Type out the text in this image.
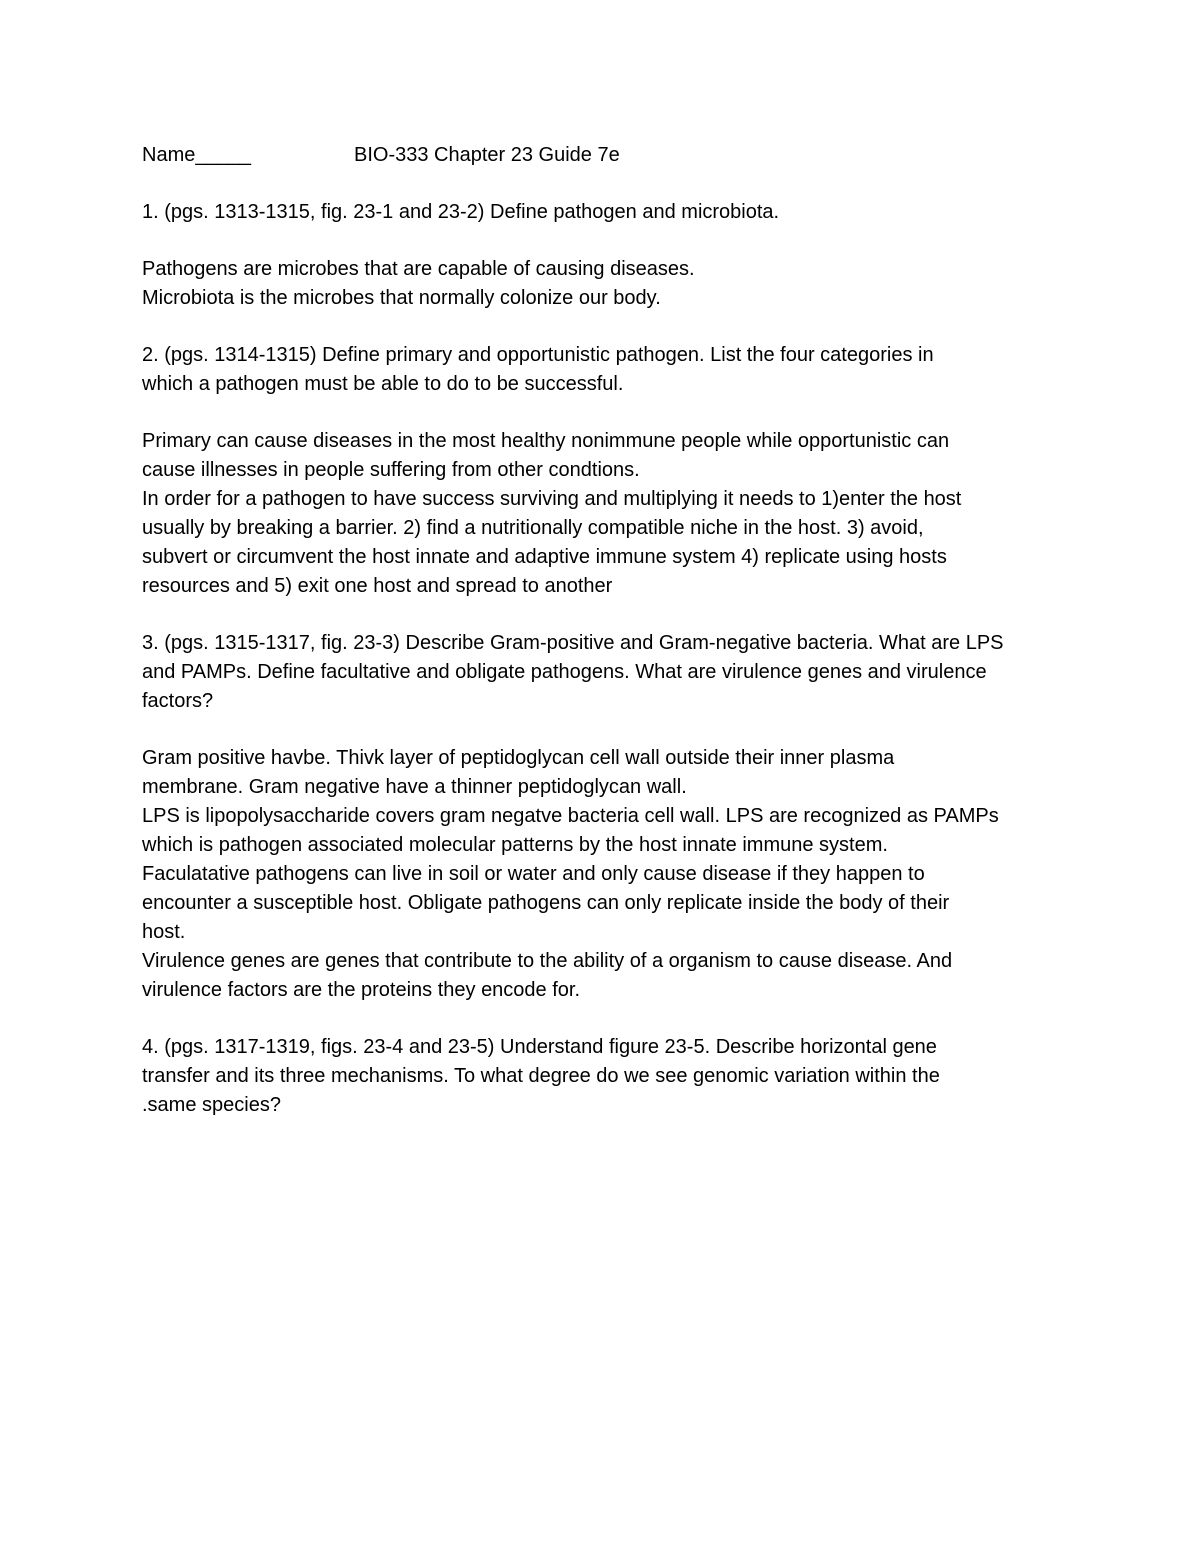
Name_____	BIO-333 Chapter 23 Guide 7e
1. (pgs. 1313-1315, fig. 23-1 and 23-2) Define pathogen and microbiota.
Pathogens are microbes that are capable of causing diseases.
Microbiota is the microbes that normally colonize our body.
2. (pgs. 1314-1315) Define primary and opportunistic pathogen. List the four categories in
which a pathogen must be able to do to be successful.
Primary can cause diseases in the most healthy nonimmune people while opportunistic can
cause illnesses in people suffering from other condtions.
In order for a pathogen to have success surviving and multiplying it needs to 1)enter the host
usually by breaking a barrier. 2) find a nutritionally compatible niche in the host. 3) avoid,
subvert or circumvent the host innate and adaptive immune system 4) replicate using hosts
resources and 5) exit one host and spread to another
3. (pgs. 1315-1317, fig. 23-3) Describe Gram-positive and Gram-negative bacteria. What are LPS
and PAMPs. Define facultative and obligate pathogens. What are virulence genes and virulence
factors?
Gram positive havbe. Thivk layer of peptidoglycan cell wall outside their inner plasma
membrane. Gram negative have a thinner peptidoglycan wall.
LPS is lipopolysaccharide covers gram negatve bacteria cell wall. LPS are recognized as PAMPs
which is pathogen associated molecular patterns by the host innate immune system.
Faculatative pathogens can live in soil or water and only cause disease if they happen to
encounter a susceptible host. Obligate pathogens can only replicate inside the body of their
host.
Virulence genes are genes that contribute to the ability of a organism to cause disease. And
virulence factors are the proteins they encode for.
4. (pgs. 1317-1319, figs. 23-4 and 23-5) Understand figure 23-5. Describe horizontal gene
transfer and its three mechanisms. To what degree do we see genomic variation within the
.same species?
